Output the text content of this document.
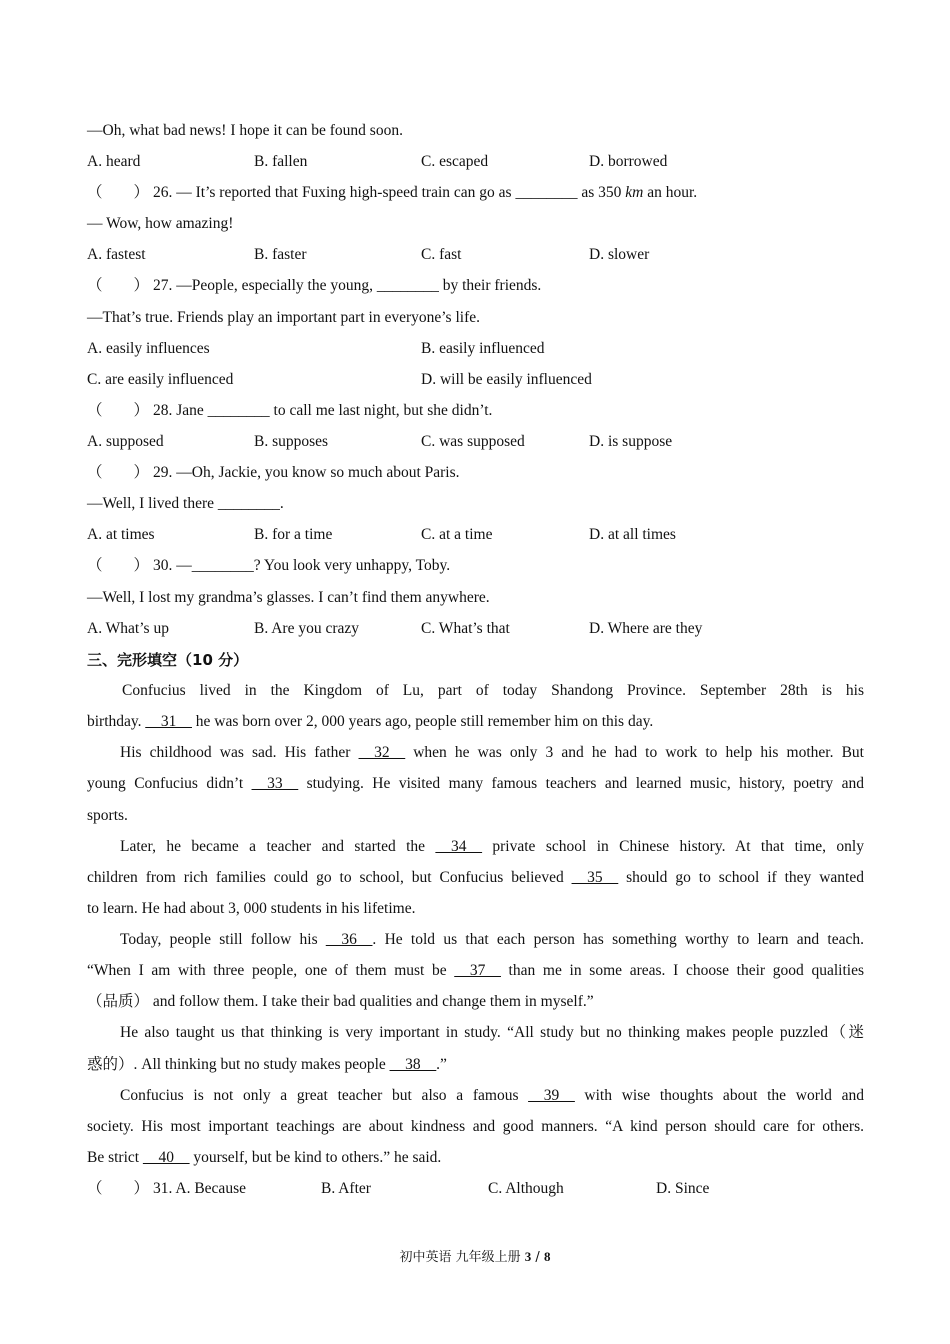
—Oh, what bad news! I hope it can be found soon.
A. heard	B. fallen	C. escaped	D. borrowed
（　　） 26. — It’s reported that Fuxing high-speed train can go as ________ as 350 km an hour.
— Wow, how amazing!
A. fastest	B. faster	C. fast	D. slower
（　　） 27. —People, especially the young, ________ by their friends.
—That’s true. Friends play an important part in everyone’s life.
A. easily influences	B. easily influenced
C. are easily influenced	D. will be easily influenced
（　　） 28. Jane ________ to call me last night, but she didn’t.
A. supposed	B. supposes	C. was supposed	D. is suppose
（　　） 29. —Oh, Jackie, you know so much about Paris.
—Well, I lived there ________.
A. at times	B. for a time	C. at a time	D. at all times
（　　） 30. —________? You look very unhappy, Toby.
—Well, I lost my grandma’s glasses. I can’t find them anywhere.
A. What’s up	B. Are you crazy	C. What’s that	D. Where are they
三、完形填空（10 分）
Confucius lived in the Kingdom of Lu, part of today Shandong Province. September 28th is his
birthday. __31__ he was born over 2, 000 years ago, people still remember him on this day.
His childhood was sad. His father __32__ when he was only 3 and he had to work to help his mother. But
young Confucius didn’t __33__ studying. He visited many famous teachers and learned music, history, poetry and
sports.
Later, he became a teacher and started the __34__ private school in Chinese history. At that time, only
children from rich families could go to school, but Confucius believed __35__ should go to school if they wanted
to learn. He had about 3, 000 students in his lifetime.
Today, people still follow his __36__. He told us that each person has something worthy to learn and teach.
“When I am with three people, one of them must be __37__ than me in some areas. I choose their good qualities
（品质） and follow them. I take their bad qualities and change them in myself.”
He also taught us that thinking is very important in study. “All study but no thinking makes people puzzled（迷
惑的）. All thinking but no study makes people __38__.”
Confucius is not only a great teacher but also a famous __39__ with wise thoughts about the world and
society. His most important teachings are about kindness and good manners. “A kind person should care for others.
Be strict __40__ yourself, but be kind to others.” he said.
（　　） 31. A. Because	B. After	C. Although	D. Since
初中英语 九年级上册 3 / 8
